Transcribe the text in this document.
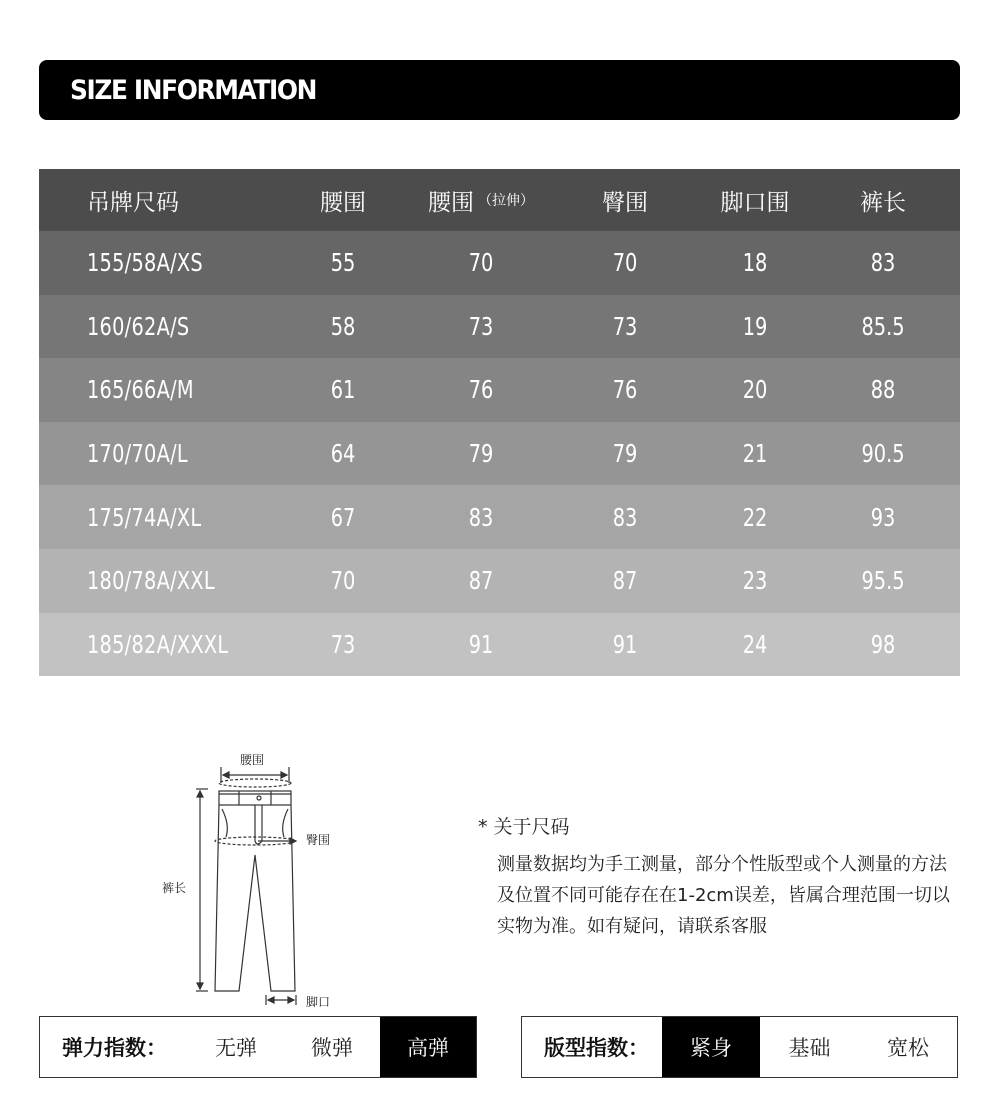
SIZE INFORMATION
吊牌尺码	腰围	腰围 （拉伸）	臀围	脚口围	裤长
155/58A/XS	55	70	70	18	83
160/62A/S	58	73	73	19	85.5
165/66A/M	61	76	76	20	88
170/70A/L	64	79	79	21	90.5
175/74A/XL	67	83	83	22	93
180/78A/XXL	70	87	87	23	95.5
185/82A/XXXL	73	91	91	24	98
腰围
臀围
裤长
脚口
* 关于尺码
测量数据均为手工测量，部分个性版型或个人测量的方法及位置不同可能存在在1-2cm误差，皆属合理范围一切以实物为准。如有疑问，请联系客服
弹力指数：	无弹	微弹	高弹	版型指数：	紧身	基础	宽松
